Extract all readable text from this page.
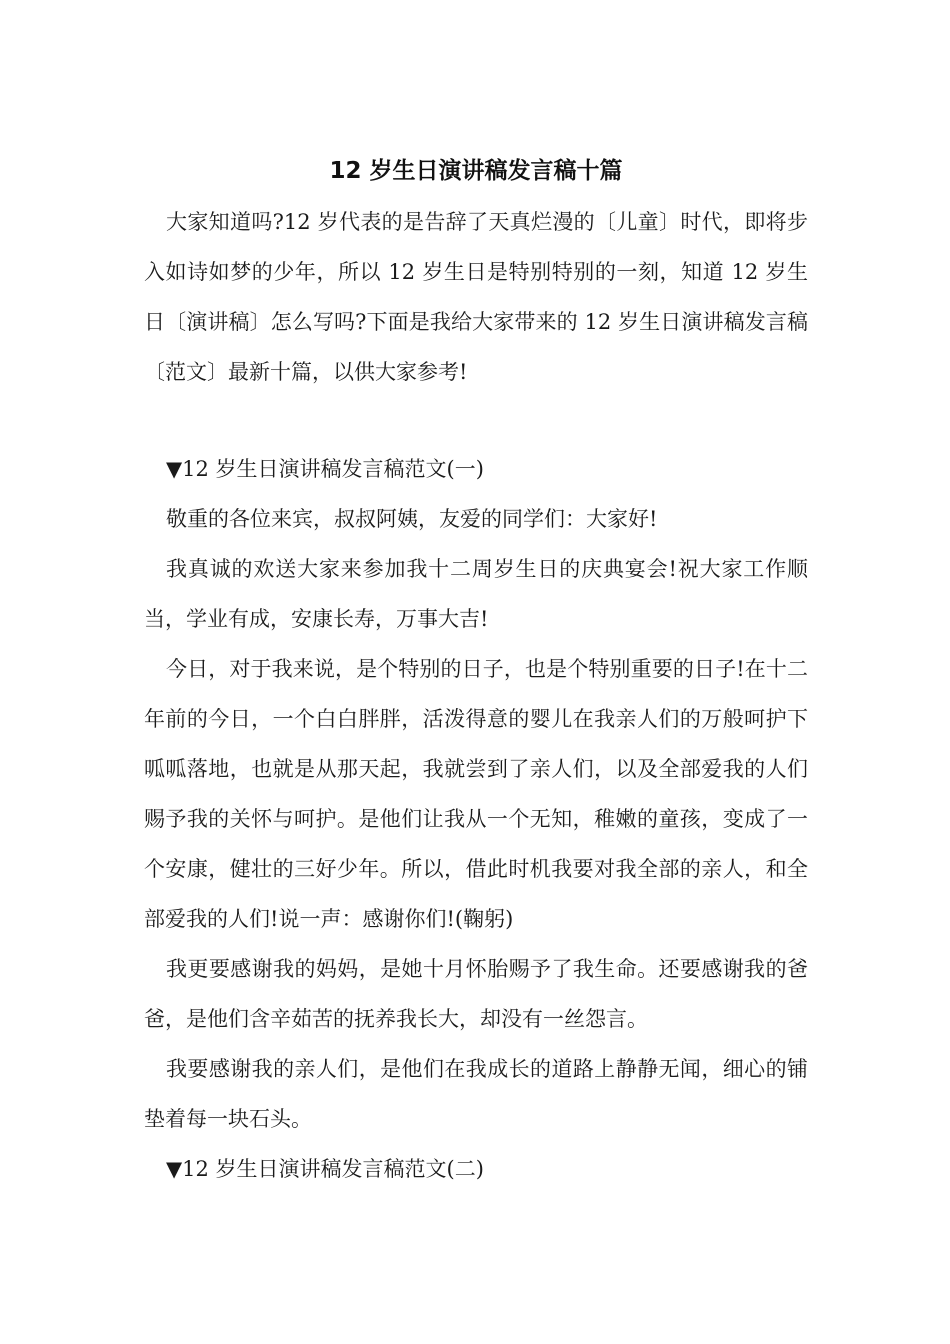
12 岁生日演讲稿发言稿十篇

大家知道吗?12 岁代表的是告辞了天真烂漫的〔儿童〕时代，即将步入如诗如梦的少年，所以 12 岁生日是特别特别的一刻，知道 12 岁生日〔演讲稿〕怎么写吗?下面是我给大家带来的 12 岁生日演讲稿发言稿〔范文〕最新十篇，以供大家参考!

▼12 岁生日演讲稿发言稿范文(一)

敬重的各位来宾，叔叔阿姨，友爱的同学们：大家好!

我真诚的欢送大家来参加我十二周岁生日的庆典宴会!祝大家工作顺当，学业有成，安康长寿，万事大吉!

今日，对于我来说，是个特别的日子，也是个特别重要的日子!在十二年前的今日，一个白白胖胖，活泼得意的婴儿在我亲人们的万般呵护下呱呱落地，也就是从那天起，我就尝到了亲人们，以及全部爱我的人们赐予我的关怀与呵护。是他们让我从一个无知，稚嫩的童孩，变成了一个安康，健壮的三好少年。所以，借此时机我要对我全部的亲人，和全部爱我的人们!说一声：感谢你们!(鞠躬)

我更要感谢我的妈妈，是她十月怀胎赐予了我生命。还要感谢我的爸爸，是他们含辛茹苦的抚养我长大，却没有一丝怨言。

我要感谢我的亲人们，是他们在我成长的道路上静静无闻，细心的铺垫着每一块石头。

▼12 岁生日演讲稿发言稿范文(二)
